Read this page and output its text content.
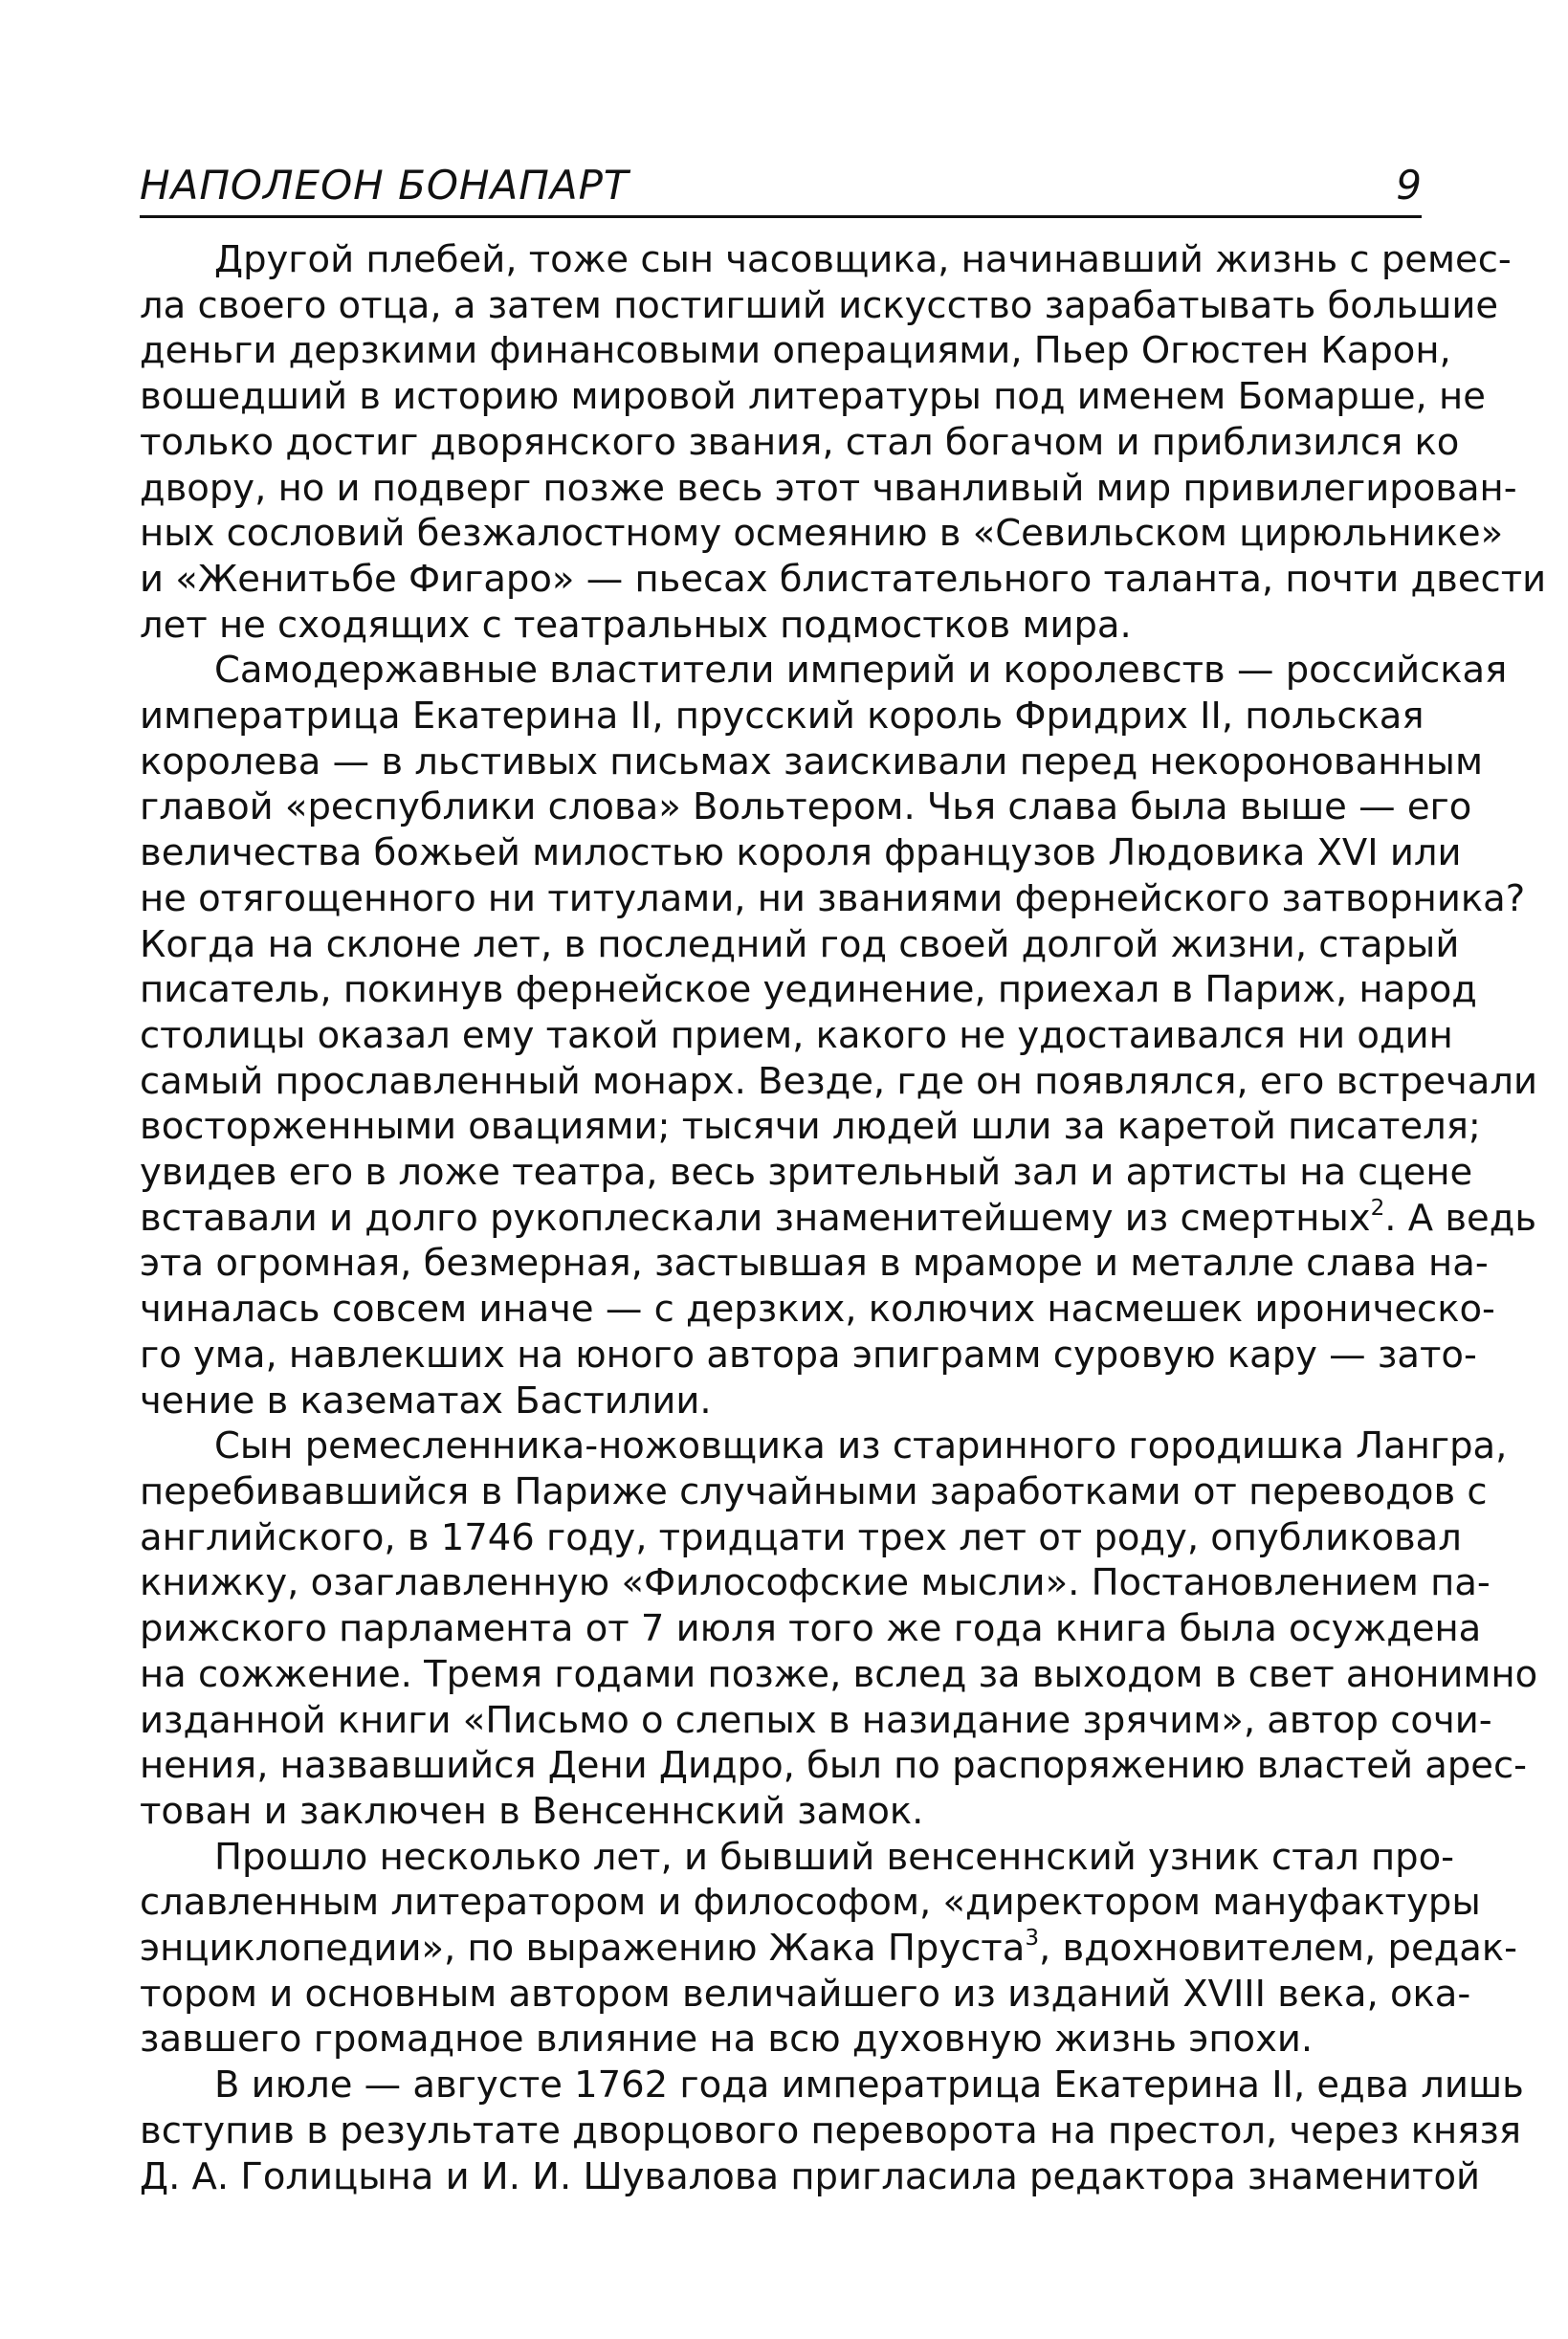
НАПОЛЕОН БОНАПАРТ	9
Другой плебей, тоже сын часовщика, начинавший жизнь с ремес-
ла своего отца, а затем постигший искусство зарабатывать большие
деньги дерзкими финансовыми операциями, Пьер Огюстен Карон,
вошедший в историю мировой литературы под именем Бомарше, не
только достиг дворянского звания, стал богачом и приблизился ко
двору, но и подверг позже весь этот чванливый мир привилегирован-
ных сословий безжалостному осмеянию в «Севильском цирюльнике»
и «Женитьбе Фигаро» — пьесах блистательного таланта, почти двести
лет не сходящих с театральных подмостков мира.
Самодержавные властители империй и королевств — российская
императрица Екатерина II, прусский король Фридрих II, польская
королева — в льстивых письмах заискивали перед некоронованным
главой «республики слова» Вольтером. Чья слава была выше — его
величества божьей милостью короля французов Людовика XVI или
не отягощенного ни титулами, ни званиями фернейского затворника?
Когда на склоне лет, в последний год своей долгой жизни, старый
писатель, покинув фернейское уединение, приехал в Париж, народ
столицы оказал ему такой прием, какого не удостаивался ни один
самый прославленный монарх. Везде, где он появлялся, его встречали
восторженными овациями; тысячи людей шли за каретой писателя;
увидев его в ложе театра, весь зрительный зал и артисты на сцене
вставали и долго рукоплескали знаменитейшему из смертных$^2$. А ведь
эта огромная, безмерная, застывшая в мраморе и металле слава на-
чиналась совсем иначе — с дерзких, колючих насмешек ироническо-
го ума, навлекших на юного автора эпиграмм суровую кару — зато-
чение в казематах Бастилии.
Сын ремесленника-ножовщика из старинного городишка Лангра,
перебивавшийся в Париже случайными заработками от переводов с
английского, в 1746 году, тридцати трех лет от роду, опубликовал
книжку, озаглавленную «Философские мысли». Постановлением па-
рижского парламента от 7 июля того же года книга была осуждена
на сожжение. Тремя годами позже, вслед за выходом в свет анонимно
изданной книги «Письмо о слепых в назидание зрячим», автор сочи-
нения, назвавшийся Дени Дидро, был по распоряжению властей арес-
тован и заключен в Венсеннский замок.
Прошло несколько лет, и бывший венсеннский узник стал про-
славленным литератором и философом, «директором мануфактуры
энциклопедии», по выражению Жака Пруста$^3$, вдохновителем, редак-
тором и основным автором величайшего из изданий XVIII века, ока-
завшего громадное влияние на всю духовную жизнь эпохи.
В июле — августе 1762 года императрица Екатерина II, едва лишь
вступив в результате дворцового переворота на престол, через князя
Д. А. Голицына и И. И. Шувалова пригласила редактора знаменитой
